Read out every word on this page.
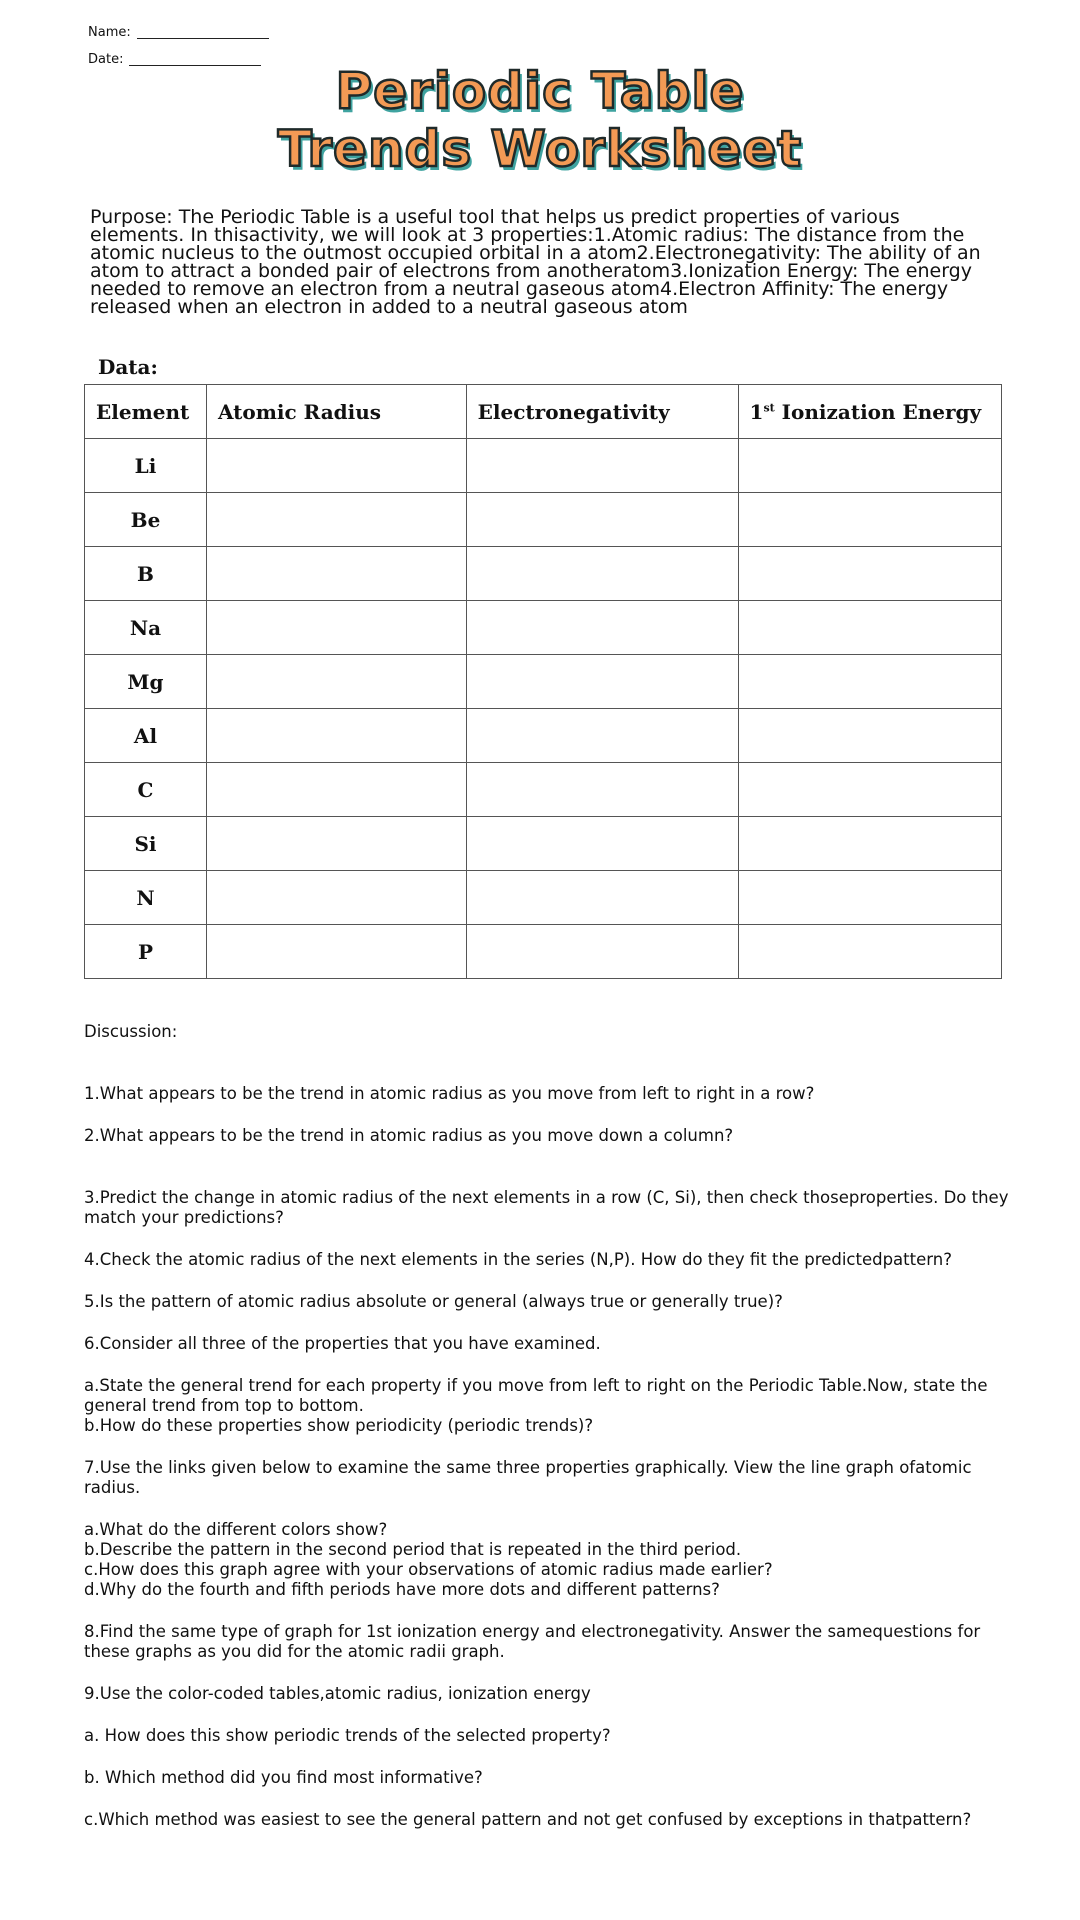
Name:
Date:
Periodic Table
Trends Worksheet
Purpose: The Periodic Table is a useful tool that helps us predict properties of various elements. In thisactivity, we will look at 3 properties:1.Atomic radius: The distance from the atomic nucleus to the outmost occupied orbital in a atom2.Electronegativity: The ability of an atom to attract a bonded pair of electrons from anotheratom3.Ionization Energy: The energy needed to remove an electron from a neutral gaseous atom4.Electron Affinity: The energy released when an electron in added to a neutral gaseous atom
Data:
Element	Atomic Radius	Electronegativity	1st Ionization Energy
Li			
Be			
B			
Na			
Mg			
Al			
C			
Si			
N			
P			

Discussion:

1.What appears to be the trend in atomic radius as you move from left to right in a row?

2.What appears to be the trend in atomic radius as you move down a column?

3.Predict the change in atomic radius of the next elements in a row (C, Si), then check thoseproperties. Do they match your predictions?

4.Check the atomic radius of the next elements in the series (N,P). How do they fit the predictedpattern?

5.Is the pattern of atomic radius absolute or general (always true or generally true)?

6.Consider all three of the properties that you have examined.

a.State the general trend for each property if you move from left to right on the Periodic Table.Now, state the general trend from top to bottom.

b.How do these properties show periodicity (periodic trends)?

7.Use the links given below to examine the same three properties graphically. View the line graph ofatomic radius.

a.What do the different colors show?

b.Describe the pattern in the second period that is repeated in the third period.

c.How does this graph agree with your observations of atomic radius made earlier?

d.Why do the fourth and fifth periods have more dots and different patterns?

8.Find the same type of graph for 1st ionization energy and electronegativity. Answer the samequestions for these graphs as you did for the atomic radii graph.

9.Use the color-coded tables,atomic radius, ionization energy

a. How does this show periodic trends of the selected property?

b. Which method did you find most informative?

c.Which method was easiest to see the general pattern and not get confused by exceptions in thatpattern?
